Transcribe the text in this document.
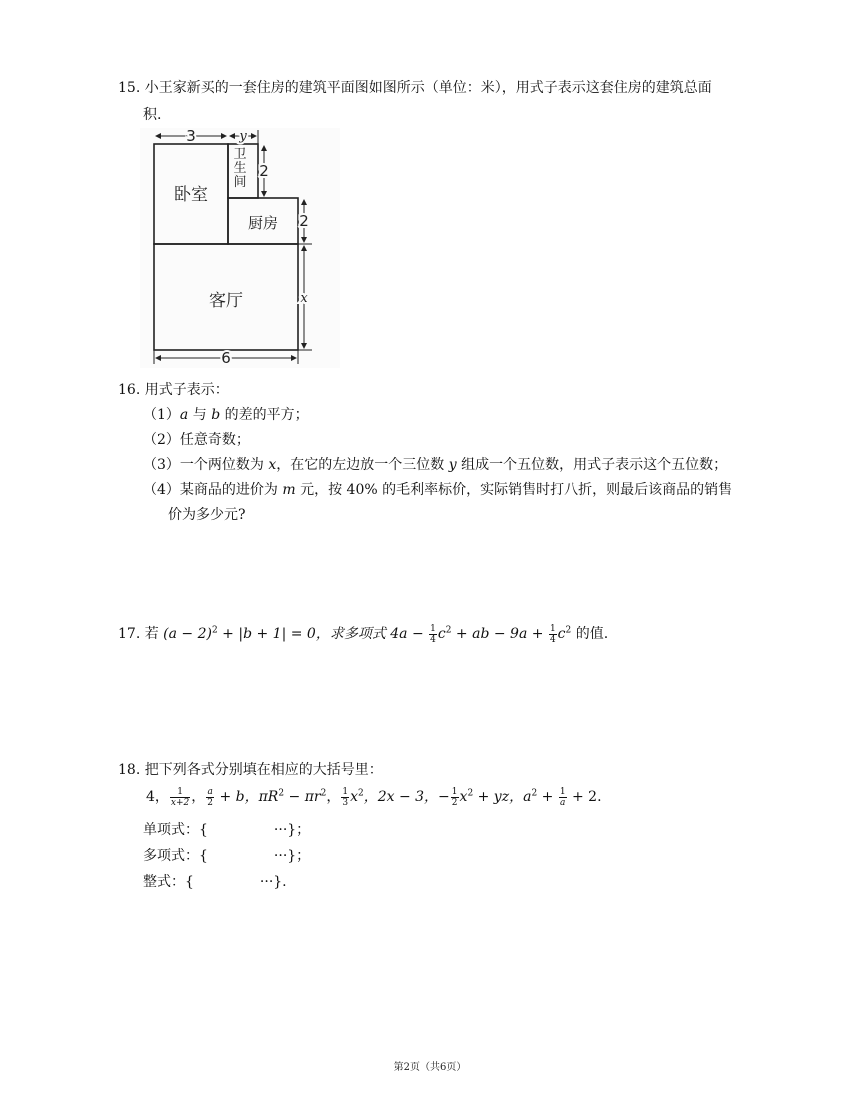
15. 小王家新买的一套住房的建筑平面图如图所示（单位：米），用式子表示这套住房的建筑总面
积.
卧室
厨房
客厅
3	y
2
2
x
6
卫生间
16. 用式子表示：
（1）a 与 b 的差的平方；
（2）任意奇数；
（3）一个两位数为 x，在它的左边放一个三位数 y 组成一个五位数，用式子表示这个五位数；
（4）某商品的进价为 m 元，按 40% 的毛利率标价，实际销售时打八折，则最后该商品的销售
价为多少元?
17. 若 $(a - 2)^2 + |b + 1| = 0$，求多项式 $4a - \frac{1}{4} c^2$ + ab − $9a + \frac{1}{4} c^2$ 的值.
18. 把下列各式分别填在相应的大括号里：
4， $\frac{1}{x+2}$ ， $\frac{a}{2} + b$，$\pi R^2 - \pi r^2$， $\frac{1}{3} x^2$，2x − 3，− $\frac{1}{2} x^2$ + yz，$a^2 + \frac{1}{a} + 2$.
单项式：{	···}；
多项式：{	···}；
整式：{	···}.
第2页（共6页）
